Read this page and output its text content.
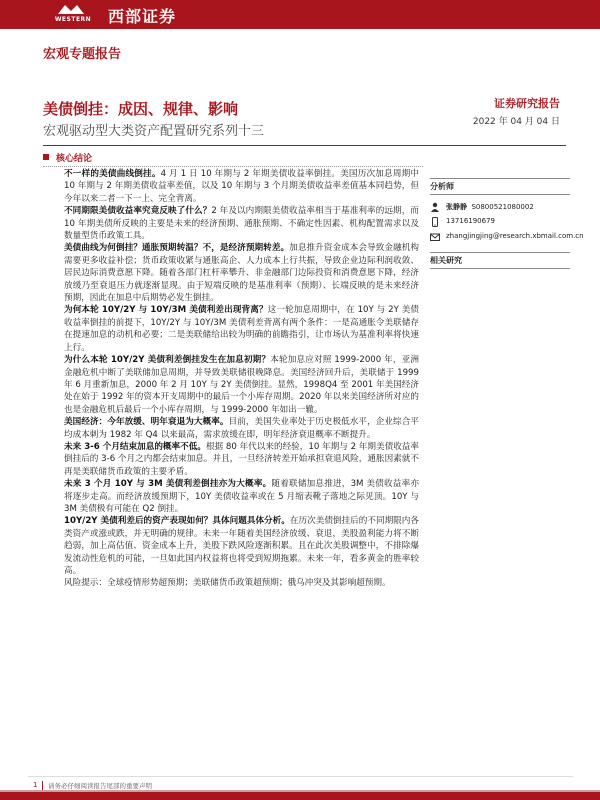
WESTERN	西部证券
宏观专题报告
美债倒挂：成因、规律、影响
宏观驱动型大类资产配置研究系列十三
证券研究报告
2022 年 04 月 04 日
核心结论

不一样的美债曲线倒挂。4 月 1 日 10 年期与 2 年期美债收益率倒挂。美国历次加息周期中 10 年期与 2 年期美债收益率差值，以及 10 年期与 3 个月期美债收益率差值基本同趋势，但今年以来二者一下一上、完全背离。

不同期限美债收益率究竟反映了什么？2 年及以内期限美债收益率相当于基准利率的远期，而 10 年期美债所反映的主要是未来的经济预期、通胀预期、不确定性因素、机构配置需求以及数量型货币政策工具。

美债曲线为何倒挂？通胀预期转温？不，是经济预期转差。加息推升资金成本会导致金融机构需要更多收益补偿；货币政策收紧与通胀高企、人力成本上行共振，导致企业边际利润收敛、居民边际消费意愿下降。随着各部门杠杆率攀升、非金融部门边际投资和消费意愿下降，经济放缓乃至衰退压力就逐渐显现。由于短端反映的是基准利率（预期）、长端反映的是未来经济预期，因此在加息中后期势必发生倒挂。

为何本轮 10Y/2Y 与 10Y/3M 美债利差出现背离？这一轮加息周期中，在 10Y 与 2Y 美债收益率倒挂的前提下，10Y/2Y 与 10Y/3M 美债利差背离有两个条件：一是高通胀令美联储存在提速加息的动机和必要；二是美联储给出较为明确的前瞻指引，让市场认为基准利率将快速上行。

为什么本轮 10Y/2Y 美债利差倒挂发生在加息初期？本轮加息应对照 1999-2000 年，亚洲金融危机中断了美联储加息周期，并导致美联储很晚降息。美国经济回升后，美联储于 1999 年 6 月重新加息，2000 年 2 月 10Y 与 2Y 美债倒挂。显然，1998Q4 至 2001 年美国经济处在始于 1992 年的资本开支周期中的最后一个小库存周期。2020 年以来美国经济所对应的也是金融危机后最后一个小库存周期，与 1999-2000 年如出一辙。

美国经济：今年放缓、明年衰退为大概率。目前，美国失业率处于历史极低水平，企业综合平均成本刺为 1982 年 Q4 以来最高，需求放缓在即，明年经济衰退概率不断提升。

未来 3-6 个月结束加息的概率不低。根据 80 年代以来的经验，10 年期与 2 年期美债收益率倒挂后的 3-6 个月之内都会结束加息。并且，一旦经济转差开始承担衰退风险，通胀因素就不再是美联储货币政策的主要矛盾。

未来 3 个月 10Y 与 3M 美债利差倒挂亦为大概率。随着联储加息推进，3M 美债收益率亦将逐步走高。而经济放缓预期下，10Y 美债收益率或在 5 月缩表靴子落地之际见顶。10Y 与 3M 美债极有可能在 Q2 倒挂。

10Y/2Y 美债利差后的资产表现如何？具体问题具体分析。在历次美债倒挂后的不同期限内各类资产或涨或跌，并无明确的规律。未来一年随着美国经济放缓、衰退，美股盈利能力将不断趋弱，加上高估值、资金成本上升，美股下跌风险逐渐积累。且在此次美股调整中，不排除爆发流动性危机的可能，一旦如此国内权益将也将受到短期拖累。未来一年，看多黄金的胜率较高。

风险提示：全球疫情形势超预期；美联储货币政策超预期；俄乌冲突及其影响超预期。

分析师
张静静 S0800521080002
13716190679
zhangjingjing@research.xbmail.com.cn
相关研究
1 请务必仔细阅读报告尾部的重要声明
